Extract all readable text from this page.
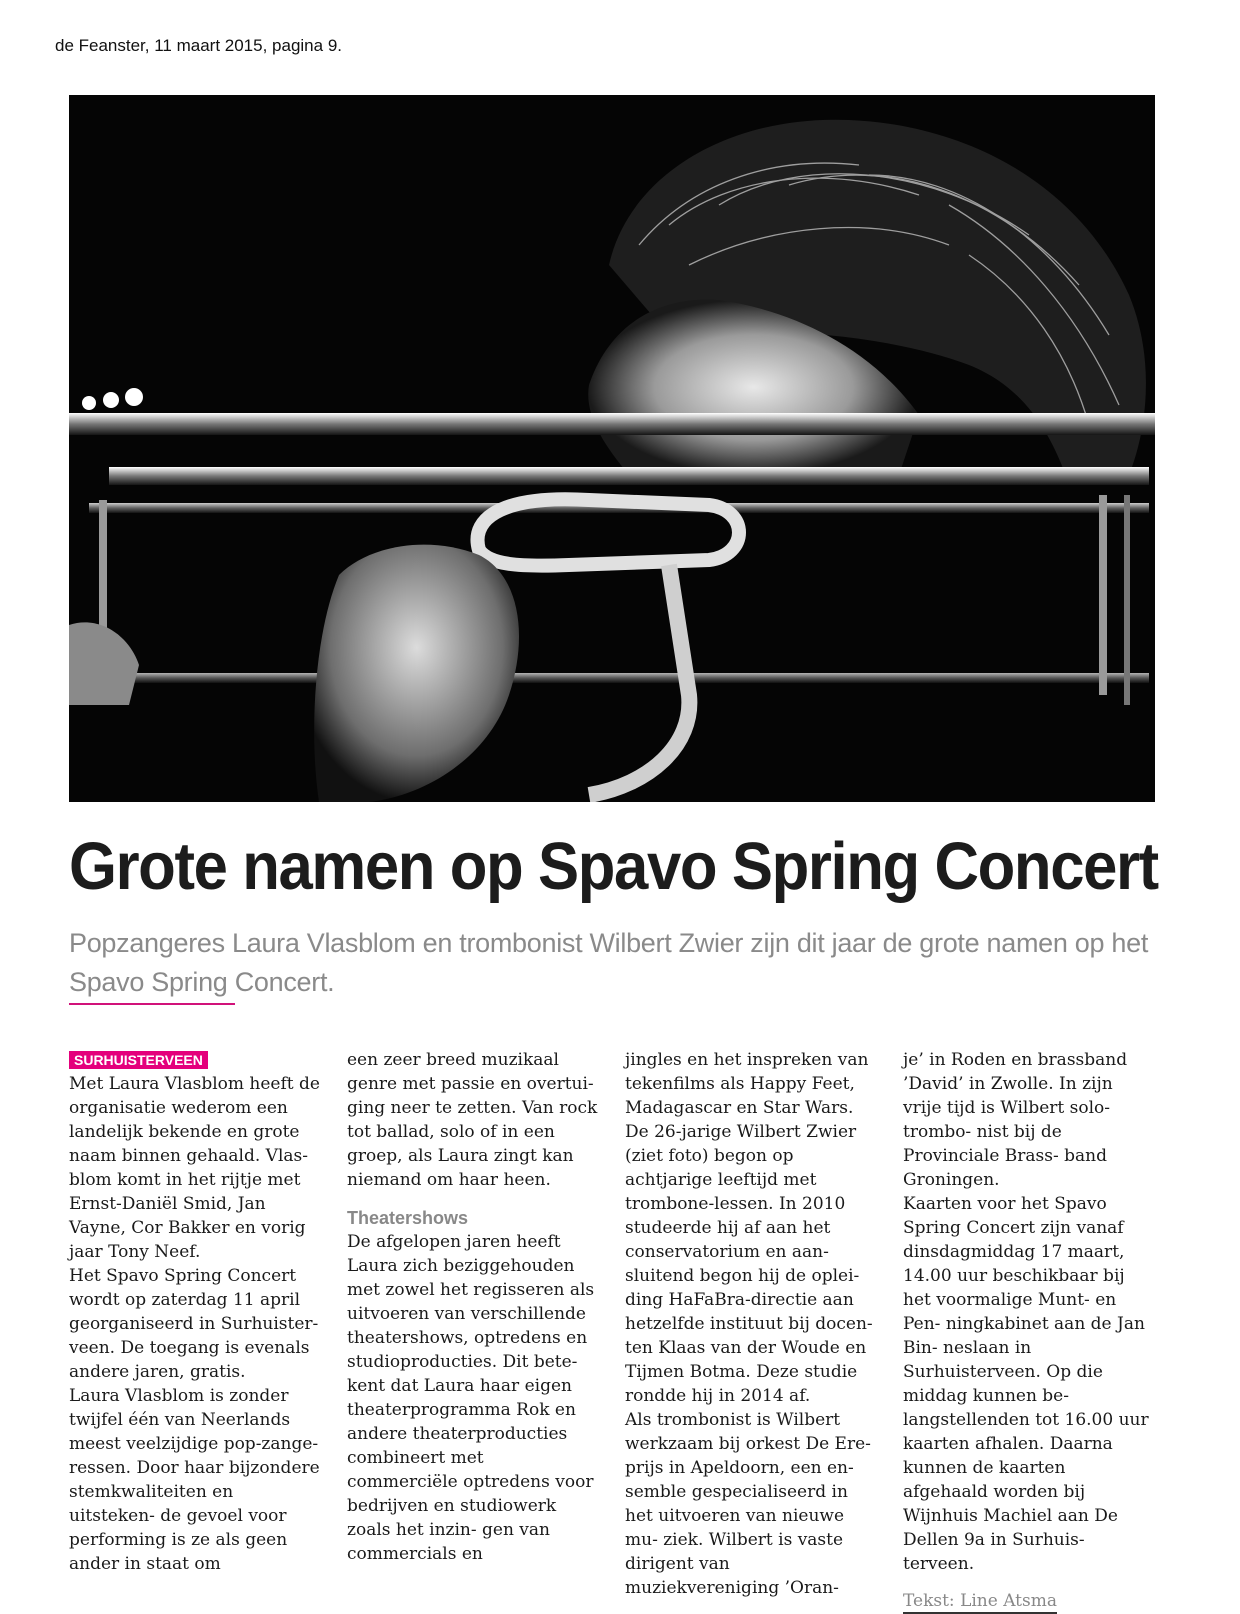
de Feanster, 11 maart 2015, pagina 9.
Grote namen op Spavo Spring Concert
Popzangeres Laura Vlasblom en trombonist Wilbert Zwier zijn dit jaar de grote namen op het Spavo Spring Concert.
SURHUISTERVEEN

Met Laura Vlasblom heeft de organisatie wederom een landelijk bekende en grote naam binnen gehaald. Vlas- blom komt in het rijtje met Ernst-Daniël Smid, Jan Vayne, Cor Bakker en vorig jaar Tony Neef.

Het Spavo Spring Concert wordt op zaterdag 11 april georganiseerd in Surhuister- veen. De toegang is evenals andere jaren, gratis.

Laura Vlasblom is zonder twijfel één van Neerlands meest veelzijdige pop-zange- ressen. Door haar bijzondere stemkwaliteiten en uitsteken- de gevoel voor performing is ze als geen ander in staat om

een zeer breed muzikaal genre met passie en overtui- ging neer te zetten. Van rock tot ballad, solo of in een groep, als Laura zingt kan niemand om haar heen.

Theatershows

De afgelopen jaren heeft Laura zich beziggehouden met zowel het regisseren als uitvoeren van verschillende theatershows, optredens en studioproducties. Dit bete- kent dat Laura haar eigen theaterprogramma Rok en andere theaterproducties combineert met commerciële optredens voor bedrijven en studiowerk zoals het inzin- gen van commercials en

jingles en het inspreken van tekenfilms als Happy Feet, Madagascar en Star Wars.

De 26-jarige Wilbert Zwier (ziet foto) begon op achtjarige leeftijd met trombone-lessen. In 2010 studeerde hij af aan het conservatorium en aan- sluitend begon hij de oplei- ding HaFaBra-directie aan hetzelfde instituut bij docen- ten Klaas van der Woude en Tijmen Botma. Deze studie rondde hij in 2014 af.

Als trombonist is Wilbert werkzaam bij orkest De Ere- prijs in Apeldoorn, een en- semble gespecialiseerd in het uitvoeren van nieuwe mu- ziek. Wilbert is vaste dirigent van muziekvereniging ’Oran-

je’ in Roden en brassband ’David’ in Zwolle. In zijn vrije tijd is Wilbert solo-trombo- nist bij de Provinciale Brass- band Groningen.

Kaarten voor het Spavo Spring Concert zijn vanaf dinsdagmiddag 17 maart, 14.00 uur beschikbaar bij het voormalige Munt- en Pen- ningkabinet aan de Jan Bin- neslaan in Surhuisterveen. Op die middag kunnen be- langstellenden tot 16.00 uur kaarten afhalen. Daarna kunnen de kaarten afgehaald worden bij Wijnhuis Machiel aan De Dellen 9a in Surhuis- terveen.

Tekst: Line Atsma
